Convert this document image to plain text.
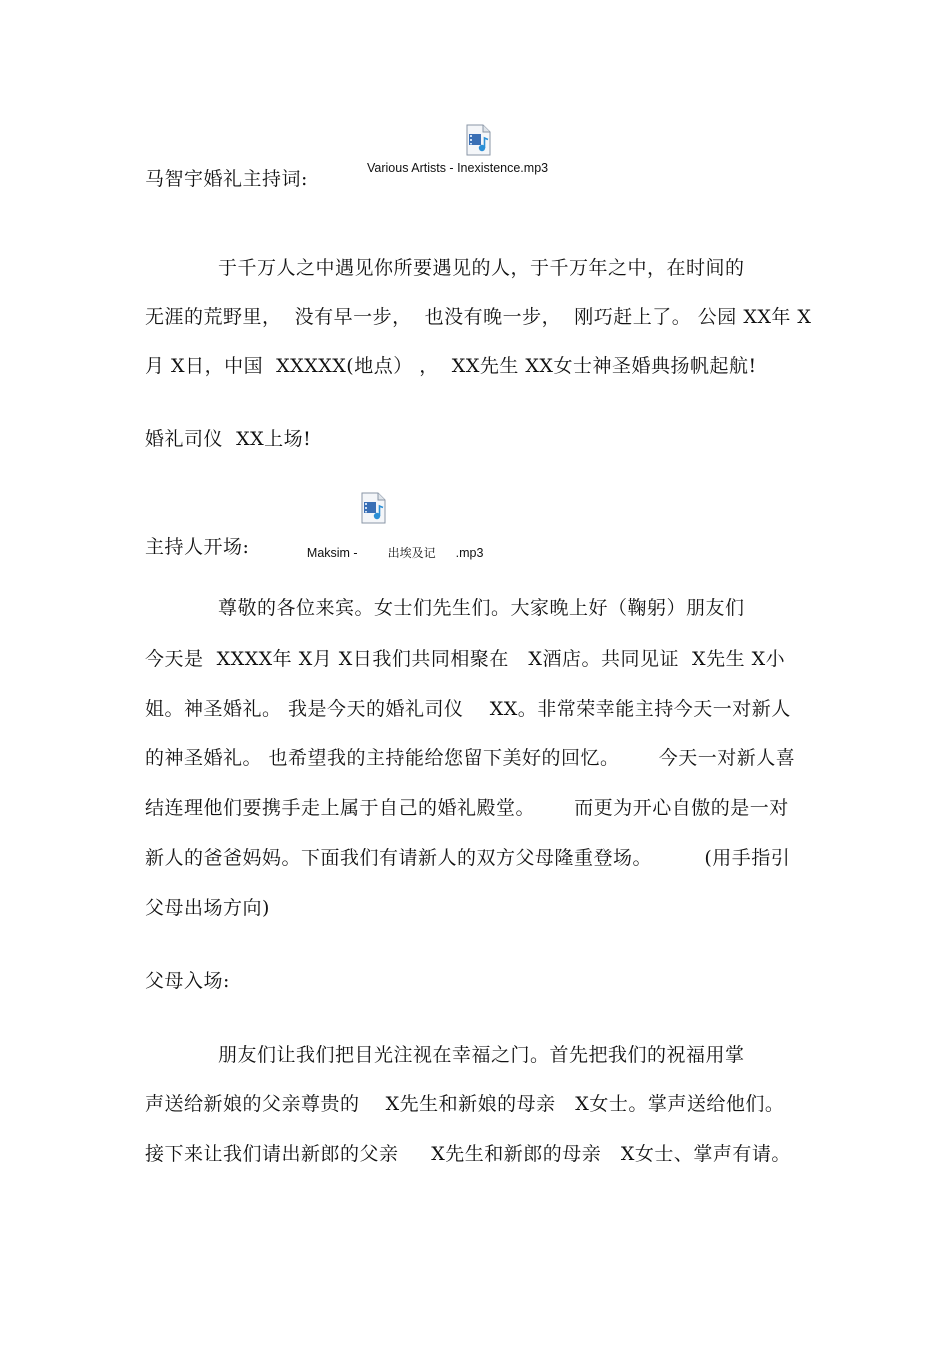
Various Artists - Inexistence.mp3
马智宇婚礼主持词:
于千万人之中遇见你所要遇见的人，于千万年之中，在时间的
无涯的荒野里，  没有早一步，  也没有晚一步，  刚巧赶上了。 公园 XX年 X
月 X日，中国  XXXXX(地点） ，  XX先生 XX女士神圣婚典扬帆起航!
婚礼司仪  XX上场!

Maksim -	出埃及记 .mp3

主持人开场:
尊敬的各位来宾。女士们先生们。大家晚上好（鞠躬）朋友们
今天是  XXXX年 X月 X日我们共同相聚在   X酒店。共同见证  X先生 X小
姐。神圣婚礼。 我是今天的婚礼司仪    XX。非常荣幸能主持今天一对新人
的神圣婚礼。 也希望我的主持能给您留下美好的回忆。      今天一对新人喜
结连理他们要携手走上属于自己的婚礼殿堂。      而更为开心自傲的是一对
新人的爸爸妈妈。下面我们有请新人的双方父母隆重登场。        (用手指引
父母出场方向)
父母入场:
朋友们让我们把目光注视在幸福之门。首先把我们的祝福用掌
声送给新娘的父亲尊贵的    X先生和新娘的母亲   X女士。掌声送给他们。
接下来让我们请出新郎的父亲     X先生和新郎的母亲   X女士、掌声有请。
